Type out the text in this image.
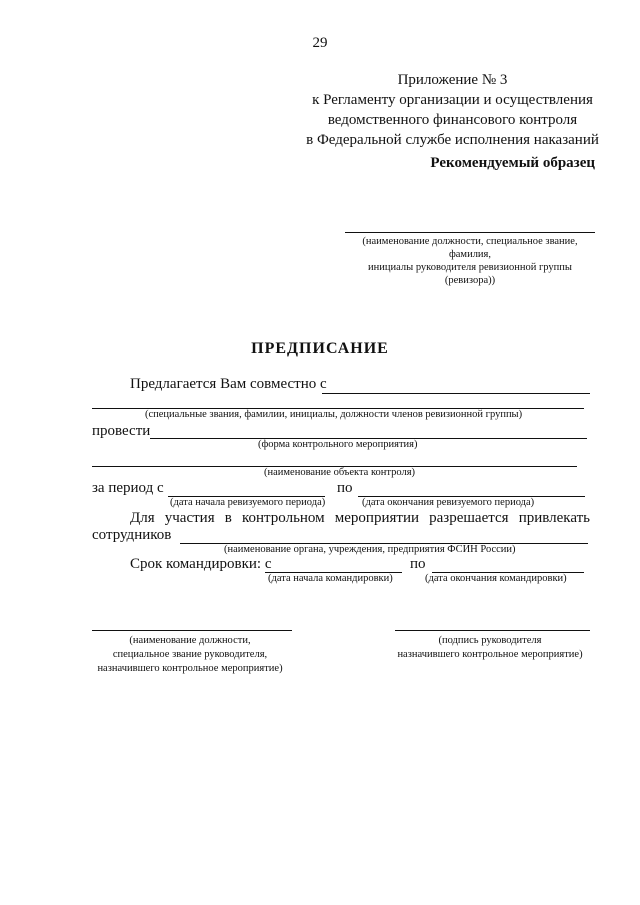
29
Приложение № 3
к Регламенту организации и осуществления
ведомственного финансового контроля
в Федеральной службе исполнения наказаний
Рекомендуемый образец
(наименование должности, специальное звание,
фамилия,
инициалы руководителя ревизионной группы
(ревизора))
ПРЕДПИСАНИЕ
Предлагается Вам совместно с
(специальные звания, фамилии, инициалы, должности членов ревизионной группы)
провести
(форма контрольного мероприятия)
(наименование объекта контроля)
за период с	по
(дата начала ревизуемого периода)	(дата окончания ревизуемого периода)
Для участия в контрольном мероприятии разрешается привлекать
сотрудников
(наименование органа, учреждения, предприятия ФСИН России)
Срок командировки: с	по
(дата начала командировки)	(дата окончания командировки)
(наименование должности,
специальное звание руководителя,
назначившего контрольное мероприятие)
(подпись руководителя
назначившего контрольное мероприятие)
